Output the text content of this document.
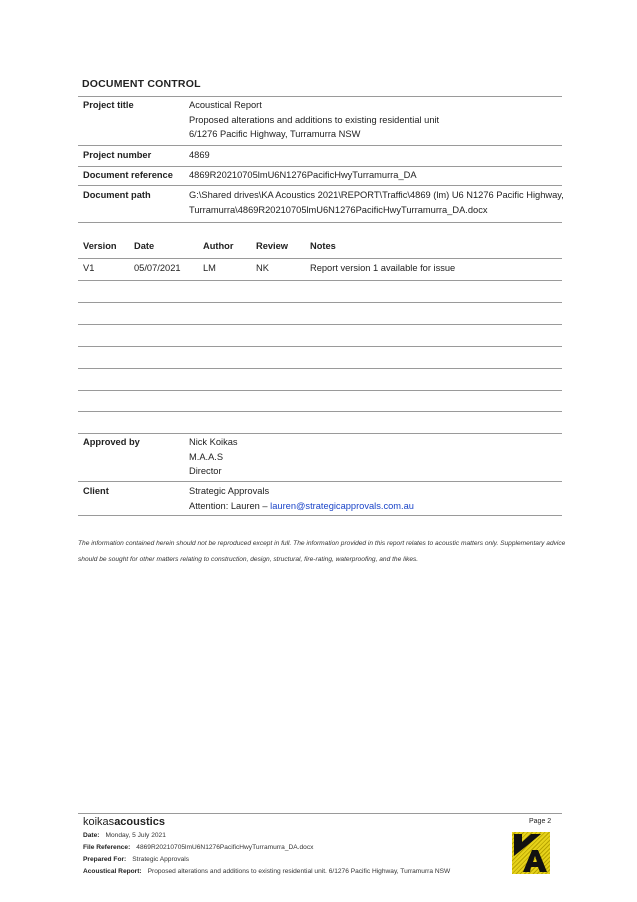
DOCUMENT CONTROL
Project title	Acoustical Report
Proposed alterations and additions to existing residential unit
6/1276 Pacific Highway, Turramurra NSW
Project number	4869
Document reference 4869R20210705lmU6N1276PacificHwyTurramurra_DA
Document path	G:\Shared drives\KA Acoustics 2021\REPORT\Traffic\4869 (lm) U6 N1276 Pacific Highway,
Turramurra\4869R20210705lmU6N1276PacificHwyTurramurra_DA.docx
Version Date	Author Review Notes
V1	05/07/2021 LM	NK	Report version 1 available for issue
Approved by	Nick Koikas
M.A.A.S
Director
Client	Strategic Approvals
Attention: Lauren – lauren@strategicapprovals.com.au
The information contained herein should not be reproduced except in full. The information provided in this report relates to acoustic matters only. Supplementary advice should be sought for other matters relating to construction, design, structural, fire-rating, waterproofing, and the likes.
koikasacoustics
Date: Monday, 5 July 2021
File Reference: 4869R20210705lmU6N1276PacificHwyTurramurra_DA.docx
Prepared For: Strategic Approvals
Acoustical Report: Proposed alterations and additions to existing residential unit. 6/1276 Pacific Highway, Turramurra NSW
Page 2
